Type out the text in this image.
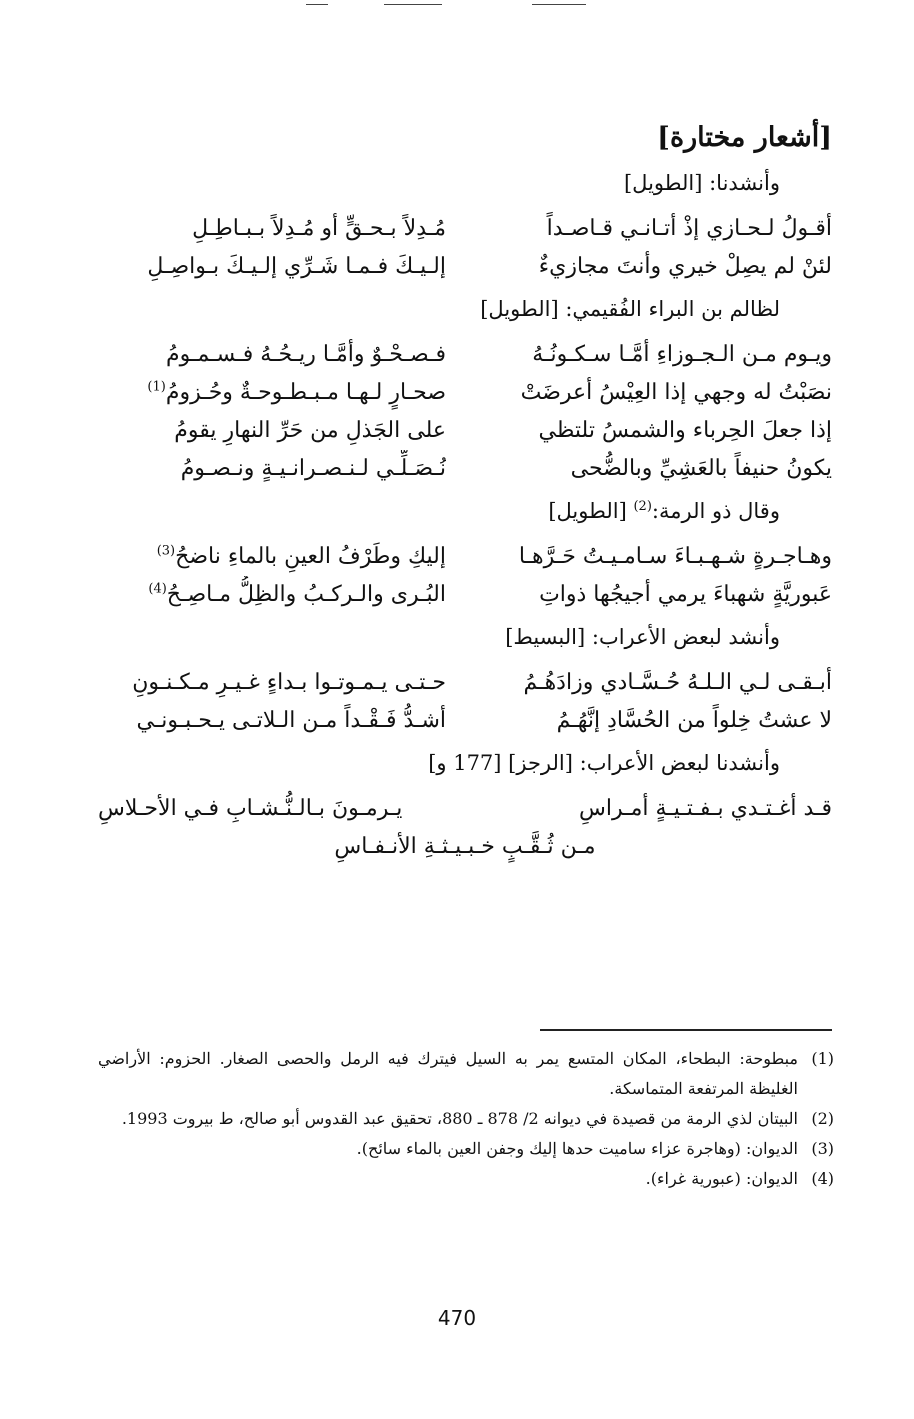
[أشعار مختارة]
وأنشدنا: [الطويل]
أقـولُ لـحـازي إذْ أتـانـي قـاصـداً
مُـدِلاً بـحـقٍّ أو مُـدِلاً بـبـاطِـلِ
لئنْ لم يصِلْ خيري وأنتَ مجازيءٌ
إلـيـكَ فـمـا شَـرِّي إلـيـكَ بـواصِـلِ
لظالم بن البراء الفُقيمي: [الطويل]
ويـوم مـن الـجـوزاءِ أمَّـا سـكـونُـهُ
فـصـحْـوٌ وأمَّـا ريـحُـهُ فـسـمـومُ
نصَبْتُ له وجهي إذا العِيْسُ أعرضَتْ
صحـارٍ لـهـا مـبـطـوحـةٌ وحُـزومُ$^{(1)}$
إذا جعلَ الحِرباء والشمسُ تلتظي
على الجَذلِ من حَرِّ النهارِ يقومُ
يكونُ حنيفاً بالعَشِيِّ وبالضُّحى
نُـصَـلِّـي لـنـصـرانـيـةٍ ونـصـومُ
وقال ذو الرمة:$^{(2)}$ [الطويل]
وهـاجـرةٍ شـهـبـاءَ سـامـيـتُ حَـرَّهـا
إليكِ وطَرْفُ العينِ بالماءِ ناضحُ$^{(3)}$
عَبوريَّةٍ شهباءَ يرمي أجيجُها ذواتِ
البُـرى والـركـبُ والظِلُّ مـاصِـحُ$^{(4)}$
وأنشد لبعض الأعراب: [البسيط]
أبـقـى لـي الـلـهُ حُـسَّـادي وزادَهُـمُ
حـتـى يـمـوتـوا بـداءٍ غـيـرِ مـكـنـونِ
لا عشتُ خِلواً من الحُسَّادِ إنَّهُـمُ
أشـدُّ فَـقْـداً مـن الـلاتـى يـحـبـونـي
وأنشدنا لبعض الأعراب: [الرجز] [177 و]
قـد أغـتـدي بـفـتـيـةٍ أمـراسِ
يـرمـونَ بـالـنُّـشـابِ فـي الأحـلاسِ
مـن ثُـقَّـبٍ خـبـيـثـةِ الأنـفـاسِ
(1)
مبطوحة: البطحاء، المكان المتسع يمر به السيل فيترك فيه الرمل والحصى الصغار. الحزوم: الأراضي الغليظة المرتفعة المتماسكة.
(2)
البيتان لذي الرمة من قصيدة في ديوانه 2/ 878 ـ 880، تحقيق عبد القدوس أبو صالح، ط بيروت 1993.
(3)
الديوان: (وهاجرة عزاء ساميت حدها إليك وجفن العين بالماء سائح).
(4)
الديوان: (عبورية غراء).
470
